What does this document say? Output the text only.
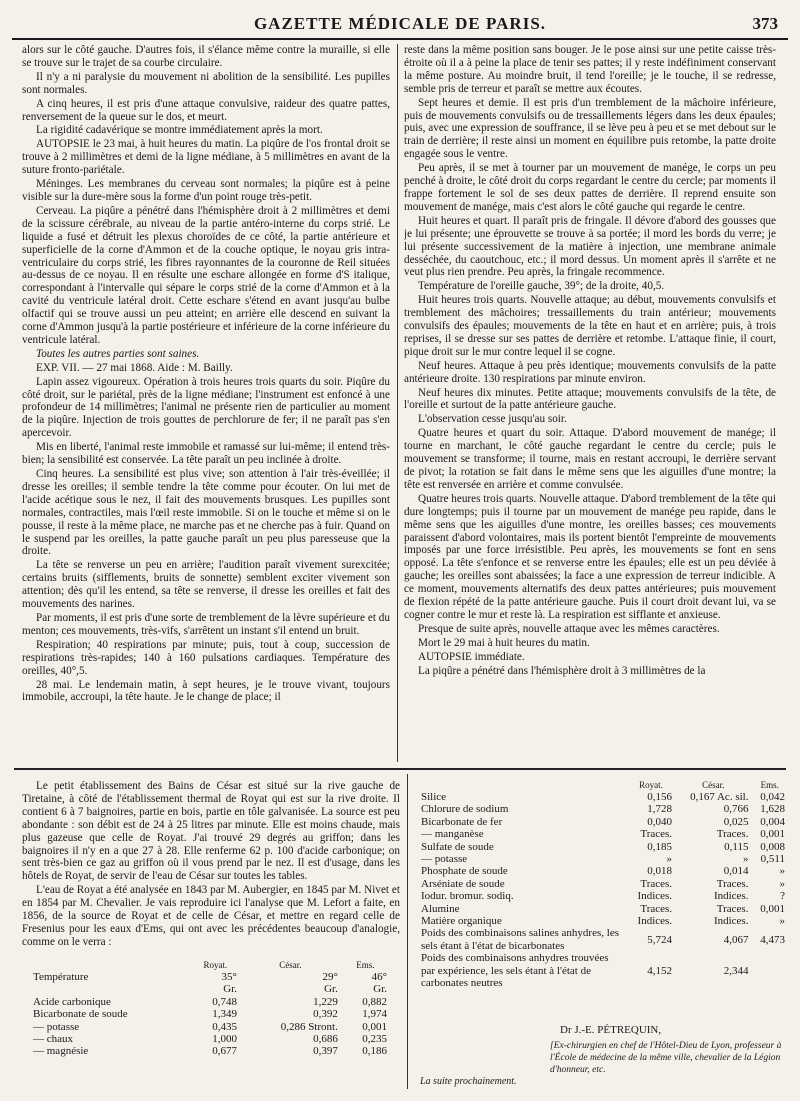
GAZETTE MÉDICALE DE PARIS.	373

alors sur le côté gauche. D'autres fois, il s'élance même contre la muraille, si elle se trouve sur le trajet de sa courbe circulaire.

Il n'y a ni paralysie du mouvement ni abolition de la sensibilité. Les pupilles sont normales.

A cinq heures, il est pris d'une attaque convulsive, raideur des quatre pattes, renversement de la queue sur le dos, et meurt.

La rigidité cadavérique se montre immédiatement après la mort.

AUTOPSIE le 23 mai, à huit heures du matin. La piqûre de l'os frontal droit se trouve à 2 millimètres et demi de la ligne médiane, à 5 millimètres en avant de la suture fronto-pariétale.

Méninges. Les membranes du cerveau sont normales; la piqûre est à peine visible sur la dure-mère sous la forme d'un point rouge très-petit.

Cerveau. La piqûre a pénétré dans l'hémisphère droit à 2 millimètres et demi de la scissure cérébrale, au niveau de la partie antéro-interne du corps strié. Le liquide a fusé et détruit les plexus choroïdes de ce côté, la partie antérieure et superficielle de la corne d'Ammon et de la couche optique, le noyau gris intra-ventriculaire du corps strié, les fibres rayonnantes de la couronne de Reil situées au-dessus de ce noyau. Il en résulte une eschare allongée en forme d'S italique, correspondant à l'intervalle qui sépare le corps strié de la corne d'Ammon et à la cavité du ventricule latéral droit. Cette eschare s'étend en avant jusqu'au bulbe olfactif qui se trouve aussi un peu atteint; en arrière elle descend en suivant la corne d'Ammon jusqu'à la partie postérieure et inférieure de la corne inférieure du ventricule latéral.

Toutes les autres parties sont saines.

EXP. VII. — 27 mai 1868. Aide : M. Bailly.

Lapin assez vigoureux. Opération à trois heures trois quarts du soir. Piqûre du côté droit, sur le pariétal, près de la ligne médiane; l'instrument est enfoncé à une profondeur de 14 millimètres; l'animal ne présente rien de particulier au moment de la piqûre. Injection de trois gouttes de perchlorure de fer; il ne paraît pas s'en apercevoir.

Mis en liberté, l'animal reste immobile et ramassé sur lui-même; il entend très-bien; la sensibilité est conservée. La tête paraît un peu inclinée à droite.

Cinq heures. La sensibilité est plus vive; son attention à l'air très-éveillée; il dresse les oreilles; il semble tendre la tête comme pour écouter. On lui met de l'acide acétique sous le nez, il fait des mouvements brusques. Les pupilles sont normales, contractiles, mais l'œil reste immobile. Si on le touche et même si on le pousse, il reste à la même place, ne marche pas et ne cherche pas à fuir. Quand on le suspend par les oreilles, la patte gauche paraît un peu plus paresseuse que la droite.

La tête se renverse un peu en arrière; l'audition paraît vivement surexcitée; certains bruits (sifflements, bruits de sonnette) semblent exciter vivement son attention; dès qu'il les entend, sa tête se renverse, il dresse les oreilles et fait des mouvements des narines.

Par moments, il est pris d'une sorte de tremblement de la lèvre supérieure et du menton; ces mouvements, très-vifs, s'arrêtent un instant s'il entend un bruit.

Respiration; 40 respirations par minute; puis, tout à coup, succession de respirations très-rapides; 140 à 160 pulsations cardiaques. Température des oreilles, 40°,5.

28 mai. Le lendemain matin, à sept heures, je le trouve vivant, toujours immobile, accroupi, la tête haute. Je le change de place; il

reste dans la même position sans bouger. Je le pose ainsi sur une petite caisse très-étroite où il a à peine la place de tenir ses pattes; il y reste indéfiniment conservant la même posture. Au moindre bruit, il tend l'oreille; je le touche, il se redresse, semble pris de terreur et paraît se mettre aux écoutes.

Sept heures et demie. Il est pris d'un tremblement de la mâchoire inférieure, puis de mouvements convulsifs ou de tressaillements légers dans les deux épaules; puis, avec une expression de souffrance, il se lève peu à peu et se met debout sur le train de derrière; il reste ainsi un moment en équilibre puis retombe, la patte droite engagée sous le ventre.

Peu après, il se met à tourner par un mouvement de manége, le corps un peu penché à droite, le côté droit du corps regardant le centre du cercle; par moments il frappe fortement le sol de ses deux pattes de derrière. Il reprend ensuite son mouvement de manége, mais c'est alors le côté gauche qui regarde le centre.

Huit heures et quart. Il paraît pris de fringale. Il dévore d'abord des gousses que je lui présente; une éprouvette se trouve à sa portée; il mord les bords du verre; je lui présente successivement de la matière à injection, une membrane animale desséchée, du caoutchouc, etc.; il mord dessus. Un moment après il s'arrête et ne veut plus rien prendre. Peu après, la fringale recommence.

Température de l'oreille gauche, 39°; de la droite, 40,5.

Huit heures trois quarts. Nouvelle attaque; au début, mouvements convulsifs et tremblement des mâchoires; tressaillements du train antérieur; mouvements convulsifs des épaules; mouvements de la tête en haut et en arrière; puis, à trois reprises, il se dresse sur ses pattes de derrière et retombe. L'attaque finie, il court, pique droit sur le mur contre lequel il se cogne.

Neuf heures. Attaque à peu près identique; mouvements convulsifs de la patte antérieure droite. 130 respirations par minute environ.

Neuf heures dix minutes. Petite attaque; mouvements convulsifs de la tête, de l'oreille et surtout de la patte antérieure gauche.

L'observation cesse jusqu'au soir.

Quatre heures et quart du soir. Attaque. D'abord mouvement de manége; il tourne en marchant, le côté gauche regardant le centre du cercle; puis le mouvement se transforme; il tourne, mais en restant accroupi, le derrière servant de pivot; la rotation se fait dans le même sens que les aiguilles d'une montre; la tête est renversée en arrière et comme convulsée.

Quatre heures trois quarts. Nouvelle attaque. D'abord tremblement de la tête qui dure longtemps; puis il tourne par un mouvement de manége peu rapide, dans le même sens que les aiguilles d'une montre, les oreilles basses; ces mouvements paraissent d'abord volontaires, mais ils portent bientôt l'empreinte de mouvements imposés par une force irrésistible. Peu après, les mouvements se font en sens opposé. La tête s'enfonce et se renverse entre les épaules; elle est un peu déviée à gauche; les oreilles sont abaissées; la face a une expression de terreur indicible. A ce moment, mouvements alternatifs des deux pattes antérieures; puis mouvement de flexion répété de la patte antérieure gauche. Puis il court droit devant lui, va se cogner contre le mur et reste là. La respiration est sifflante et anxieuse.

Presque de suite après, nouvelle attaque avec les mêmes caractères.

Mort le 29 mai à huit heures du matin.

AUTOPSIE immédiate.

La piqûre a pénétré dans l'hémisphère droit à 3 millimètres de la

Le petit établissement des Bains de César est situé sur la rive gauche de Tiretaine, à côté de l'établissement thermal de Royat qui est sur la rive droite. Il contient 6 à 7 baignoires, partie en bois, partie en tôle galvanisée. La source est peu abondante : son débit est de 24 à 25 litres par minute. Elle est moins chaude, mais plus gazeuse que celle de Royat. J'ai trouvé 29 degrés au griffon; dans les baignoires il n'y en a que 27 à 28. Elle renferme 62 p. 100 d'acide carbonique; on sent très-bien ce gaz au griffon où il vous prend par le nez. Il est d'usage, dans les hôtels de Royat, de servir de l'eau de César sur toutes les tables.

L'eau de Royat a été analysée en 1843 par M. Aubergier, en 1845 par M. Nivet et en 1854 par M. Chevalier. Je vais reproduire ici l'analyse que M. Lefort a faite, en 1856, de la source de Royat et de celle de César, et mettre en regard celle de Fresenius pour les eaux d'Ems, qui ont avec les précédentes beaucoup d'analogie, comme on le verra :

	Royat.	César.	Ems.
Température	35°	29°	46°
	Gr.	Gr.	Gr.
Acide carbonique	0,748	1,229	0,882
Bicarbonate de soude	1,349	0,392	1,974
— potasse	0,435	0,286 Stront.	0,001
— chaux	1,000	0,686	0,235
— magnésie	0,677	0,397	0,186
	Royat.	César.	Ems.
Silice	0,156	0,167 Ac. sil.	0,042
Chlorure de sodium	1,728	0,766	1,628
Bicarbonate de fer	0,040	0,025	0,004
— manganèse	Traces.	Traces.	0,001
Sulfate de soude	0,185	0,115	0,008
— potasse	»	»	0,511
Phosphate de soude	0,018	0,014	»
Arséniate de soude	Traces.	Traces.	»
Iodur. bromur. sodiq.	Indices.	Indices.	?
Alumine	Traces.	Traces.	0,001
Matière organique	Indices.	Indices.	»
Poids des combinaisons salines anhydres, les sels étant à l'état de bicarbonates	5,724	4,067	4,473
Poids des combinaisons anhydres trouvées par expérience, les sels étant à l'état de carbonates neutres	4,152	2,344	
Dr J.-E. PÉTREQUIN,
[Ex-chirurgien en chef de l'Hôtel-Dieu de Lyon, professeur à l'École de médecine de la même ville, chevalier de la Légion d'honneur, etc.
La suite prochainement.
